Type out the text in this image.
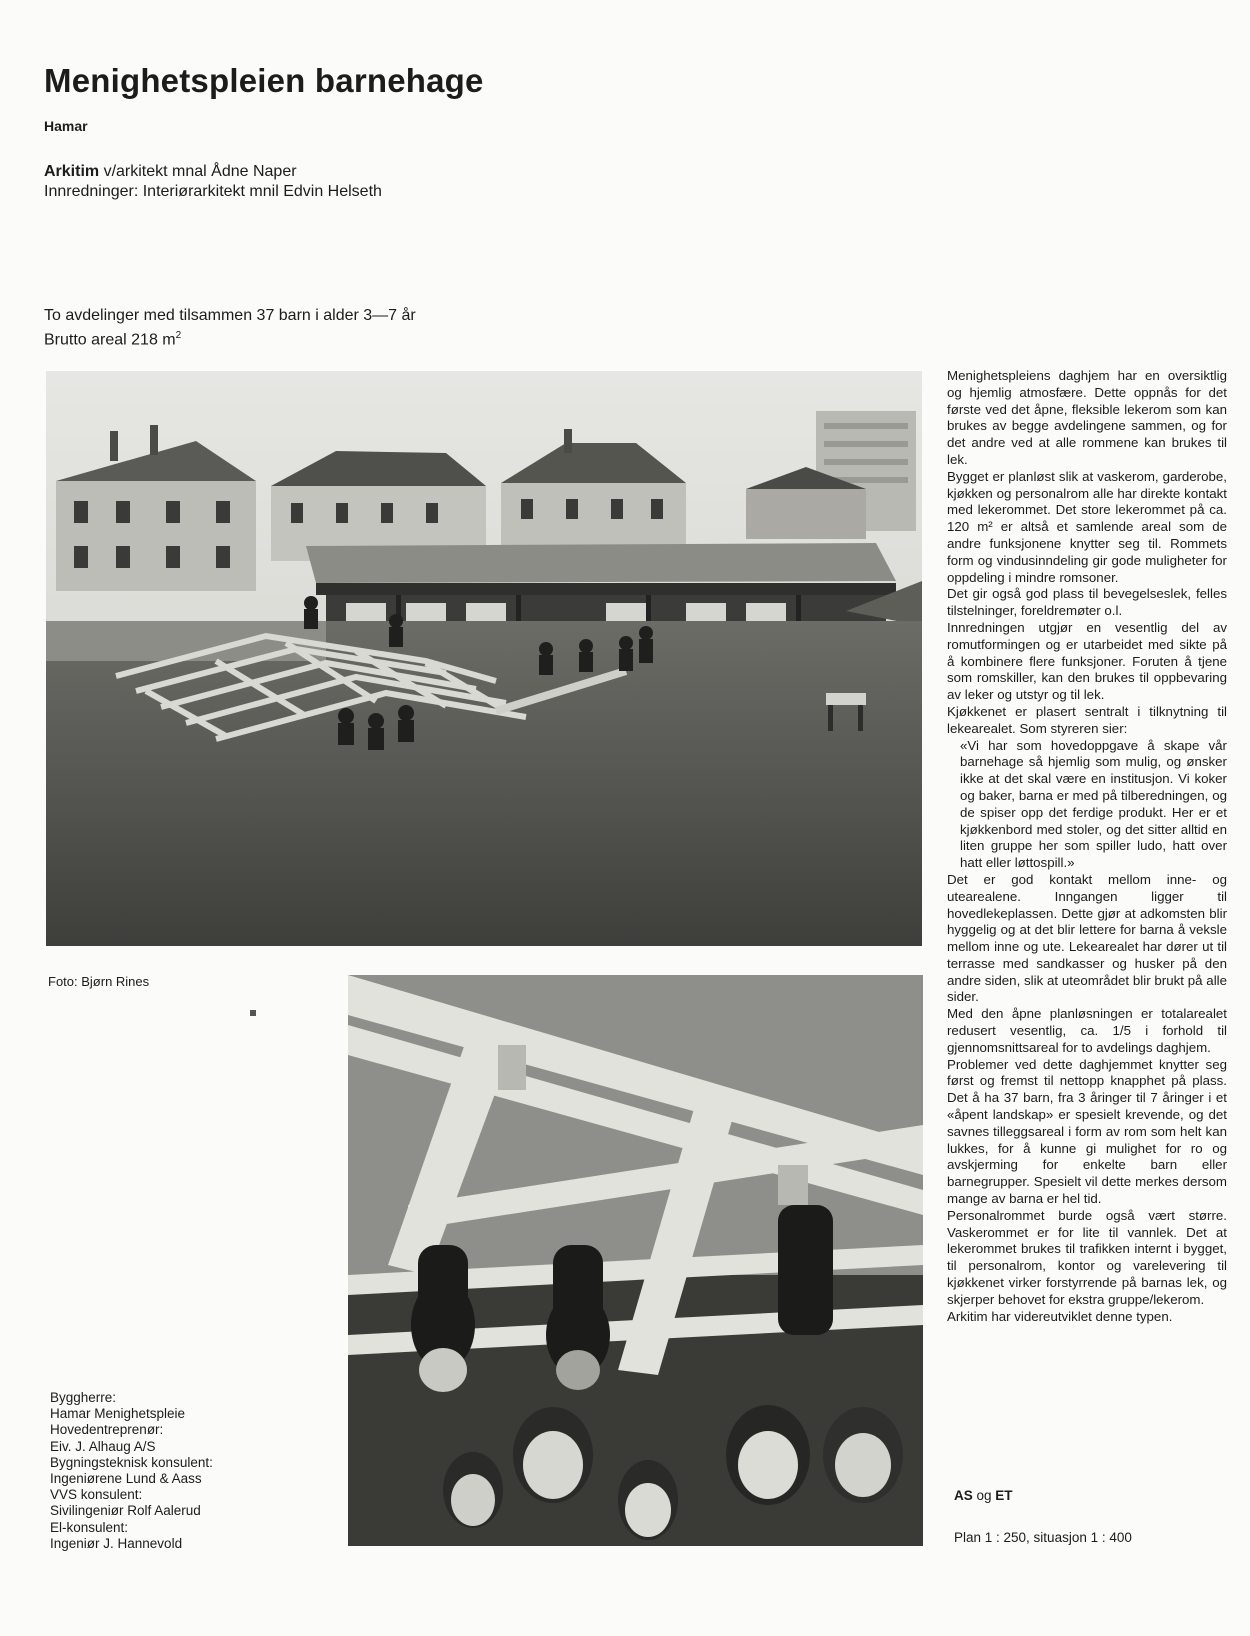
Menighetspleien barnehage
Hamar
Arkitim v/arkitekt mnal Ådne Naper
Innredninger: Interiørarkitekt mnil Edvin Helseth
To avdelinger med tilsammen 37 barn i alder 3—7 år
Brutto areal 218 $m^2$
Foto: Bjørn Rines
Byggherre:
Hamar Menighetspleie
Hovedentreprenør:
Eiv. J. Alhaug A/S
Bygningsteknisk konsulent:
Ingeniørene Lund & Aass
VVS konsulent:
Sivilingeniør Rolf Aalerud
El-konsulent:
Ingeniør J. Hannevold

Menighetspleiens daghjem har en oversiktlig og hjemlig atmosfære. Dette oppnås for det første ved det åpne, fleksible lekerom som kan brukes av begge avdelingene sammen, og for det andre ved at alle rommene kan brukes til lek.

Bygget er planløst slik at vaskerom, garderobe, kjøkken og personalrom alle har direkte kontakt med lekerommet. Det store lekerommet på ca. 120 m² er altså et samlende areal som de andre funksjonene knytter seg til. Rommets form og vindusinndeling gir gode muligheter for oppdeling i mindre romsoner.

Det gir også god plass til bevegelseslek, felles tilstelninger, foreldremøter o.l.

Innredningen utgjør en vesentlig del av romutformingen og er utarbeidet med sikte på å kombinere flere funksjoner. Foruten å tjene som romskiller, kan den brukes til oppbevaring av leker og utstyr og til lek.

Kjøkkenet er plasert sentralt i tilknytning til lekearealet. Som styreren sier:

«Vi har som hovedoppgave å skape vår barnehage så hjemlig som mulig, og ønsker ikke at det skal være en institusjon. Vi koker og baker, barna er med på tilberedningen, og de spiser opp det ferdige produkt. Her er et kjøkkenbord med stoler, og det sitter alltid en liten gruppe her som spiller ludo, hatt over hatt eller løttospill.»

Det er god kontakt mellom inne- og utearealene. Inngangen ligger til hovedlekeplassen. Dette gjør at adkomsten blir hyggelig og at det blir lettere for barna å veksle mellom inne og ute. Lekearealet har dører ut til terrasse med sandkasser og husker på den andre siden, slik at uteområdet blir brukt på alle sider.

Med den åpne planløsningen er totalarealet redusert vesentlig, ca. 1/5 i forhold til gjennomsnittsareal for to avdelings daghjem.

Problemer ved dette daghjemmet knytter seg først og fremst til nettopp knapphet på plass. Det å ha 37 barn, fra 3 åringer til 7 åringer i et «åpent landskap» er spesielt krevende, og det savnes tilleggsareal i form av rom som helt kan lukkes, for å kunne gi mulighet for ro og avskjerming for enkelte barn eller barnegrupper. Spesielt vil dette merkes dersom mange av barna er hel tid.

Personalrommet burde også vært større. Vaskerommet er for lite til vannlek. Det at lekerommet brukes til trafikken internt i bygget, til personalrom, kontor og varelevering til kjøkkenet virker forstyrrende på barnas lek, og skjerper behovet for ekstra gruppe/lekerom.

Arkitim har videreutviklet denne typen.

AS og ET
Plan 1 : 250, situasjon 1 : 400
